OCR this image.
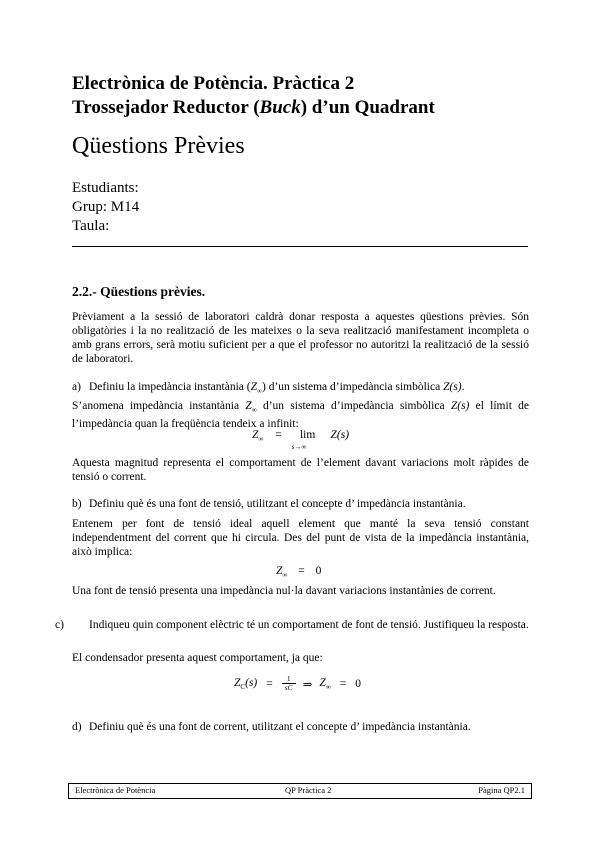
Electrònica de Potència. Pràctica 2
Trossejador Reductor (Buck) d’un Quadrant
Qüestions Prèvies
Estudiants:
Grup: M14
Taula:
2.2.- Qüestions prèvies.
Prèviament a la sessió de laboratori caldrà donar resposta a aquestes qüestions prèvies. Són obligatòries i la no realització de les mateixes o la seva realització manifestament incompleta o amb grans errors, serà motiu suficient per a que el professor no autoritzi la realització de la sessió de laboratori.
a) Definiu la impedància instantània $(Z_\infty)$ d’un sistema d’impedància simbòlica Z(s).
S’anomena impedància instantània $Z_\infty$ d’un sistema d’impedància simbòlica Z(s) el límit de l’impedància quan la freqüència tendeix a infinit:
$Z_\infty = \lim$
s→∞
Z(s)
Aquesta magnitud representa el comportament de l’element davant variacions molt ràpides de tensió o corrent.
b) Definiu què és una font de tensió, utilitzant el concepte d’ impedància instantània.
Entenem per font de tensió ideal aquell element que manté la seva tensió constant independentment del corrent que hi circula. Des del punt de vista de la impedància instantània, això implica:
$Z_\infty = 0$
Una font de tensió presenta una impedància nul·la davant variacions instantànies de corrent.
c) Indiqueu quin component elèctric té un comportament de font de tensió. Justifiqueu la resposta.
El condensador presenta aquest comportament, ja que:
$Z_C(s) = 1$
sC ⇒ $Z_\infty = 0$
d) Definiu què és una font de corrent, utilitzant el concepte d’ impedància instantània.
Electrònica de Potència	QP Pràctica 2	Pàgina QP2.1
